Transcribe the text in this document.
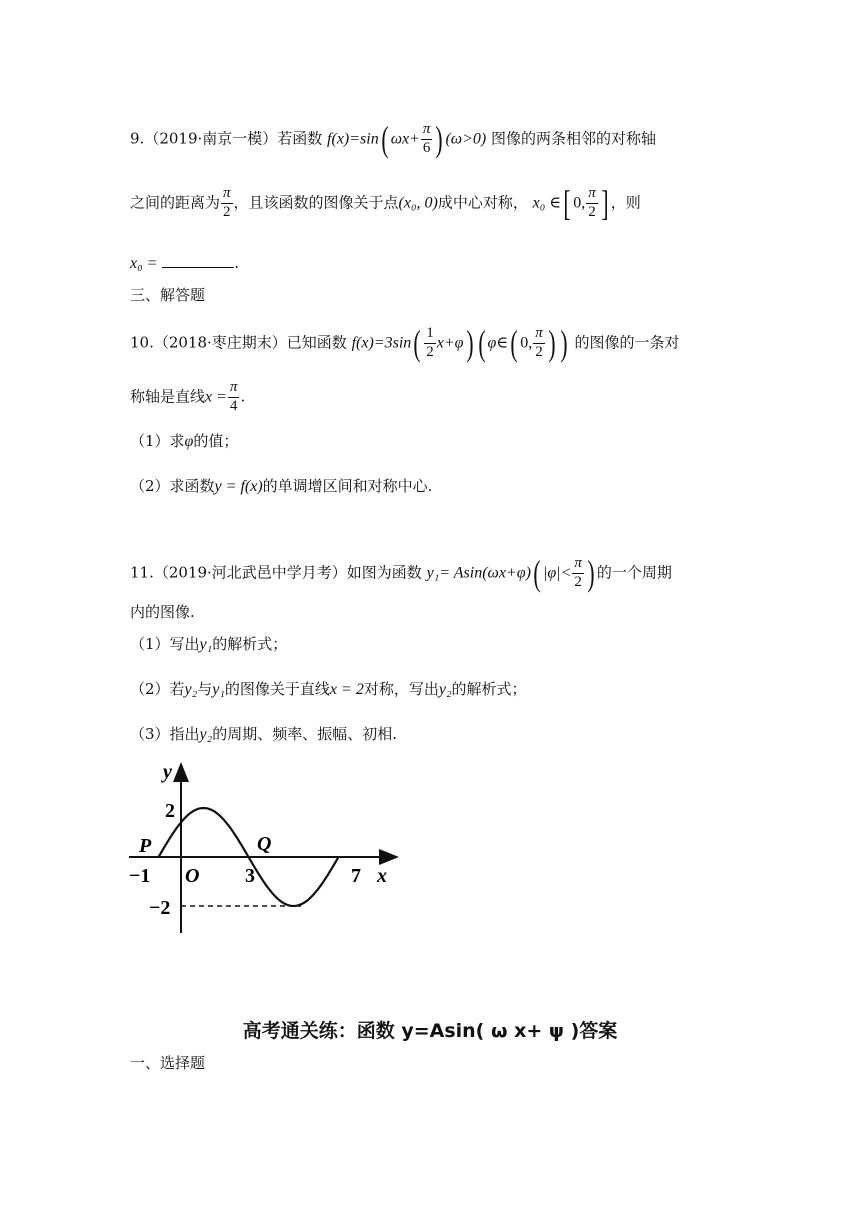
9.（2019·南京一模）若函数 f(x)=sin( $\omega x+ \frac{\pi}{6}$ ) (ω>0) 图像的两条相邻的对称轴
之间的距离为 $\frac{\pi}{2}$ ，且该函数的图像关于点(x₀, 0)成中心对称， x₀ ∈[ 0, $\frac{\pi}{2}$ ] ，则
x₀ =	.
三、解答题
10.（2018·枣庄期末）已知函数 $f(x)=3\sin( \frac{1}{2} x+\varphi)$ ( φ∈( 0, $\frac{\pi}{2}$ ) ) 的图像的一条对
称轴是直线$x = \frac{\pi}{4}$ .
（1）求φ的值；
（2）求函数y = f(x)的单调增区间和对称中心.
11.（2019·河北武邑中学月考）如图为函数 y₁= Asin(ωx+φ)( $|\varphi|< \frac{\pi}{2}$ ) 的一个周期
内的图像.
（1）写出y₁的解析式；
（2）若y₂与y₁的图像关于直线x = 2对称，写出y₂的解析式；
（3）指出y₂的周期、频率、振幅、初相.
y
x
2
−2
−1 O 3	7
P	Q
高考通关练：函数 y=Asin( ω x+ ψ )答案
一、选择题
